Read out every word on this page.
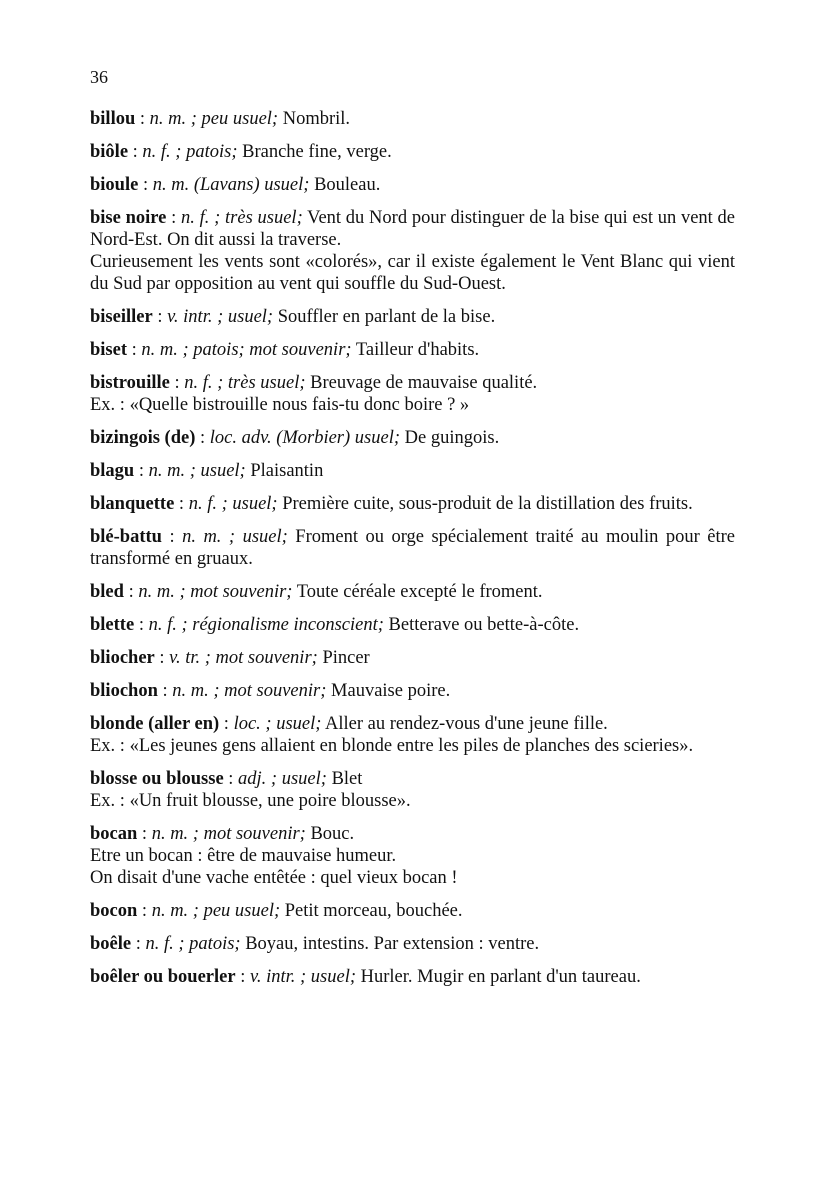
36

billou : n. m. ; peu usuel; Nombril.

biôle : n. f. ; patois; Branche fine, verge.

bioule : n. m. (Lavans) usuel; Bouleau.

bise noire : n. f. ; très usuel; Vent du Nord pour distinguer de la bise qui est un vent de Nord-Est. On dit aussi la traverse.
Curieusement les vents sont «colorés», car il existe également le Vent Blanc qui vient du Sud par opposition au vent qui souffle du Sud-Ouest.

biseiller : v. intr. ; usuel; Souffler en parlant de la bise.

biset : n. m. ; patois; mot souvenir; Tailleur d'habits.

bistrouille : n. f. ; très usuel; Breuvage de mauvaise qualité.
Ex. : «Quelle bistrouille nous fais-tu donc boire ? »

bizingois (de) : loc. adv. (Morbier) usuel; De guingois.

blagu : n. m. ; usuel; Plaisantin

blanquette : n. f. ; usuel; Première cuite, sous-produit de la distillation des fruits.

blé-battu : n. m. ; usuel; Froment ou orge spécialement traité au moulin pour être transformé en gruaux.

bled : n. m. ; mot souvenir; Toute céréale excepté le froment.

blette : n. f. ; régionalisme inconscient; Betterave ou bette-à-côte.

bliocher : v. tr. ; mot souvenir; Pincer

bliochon : n. m. ; mot souvenir; Mauvaise poire.

blonde (aller en) : loc. ; usuel; Aller au rendez-vous d'une jeune fille.
Ex. : «Les jeunes gens allaient en blonde entre les piles de planches des scieries».

blosse ou blousse : adj. ; usuel; Blet
Ex. : «Un fruit blousse, une poire blousse».

bocan : n. m. ; mot souvenir; Bouc.
Etre un bocan : être de mauvaise humeur.
On disait d'une vache entêtée : quel vieux bocan !

bocon : n. m. ; peu usuel; Petit morceau, bouchée.

boêle : n. f. ; patois; Boyau, intestins. Par extension : ventre.

boêler ou bouerler : v. intr. ; usuel; Hurler. Mugir en parlant d'un taureau.
